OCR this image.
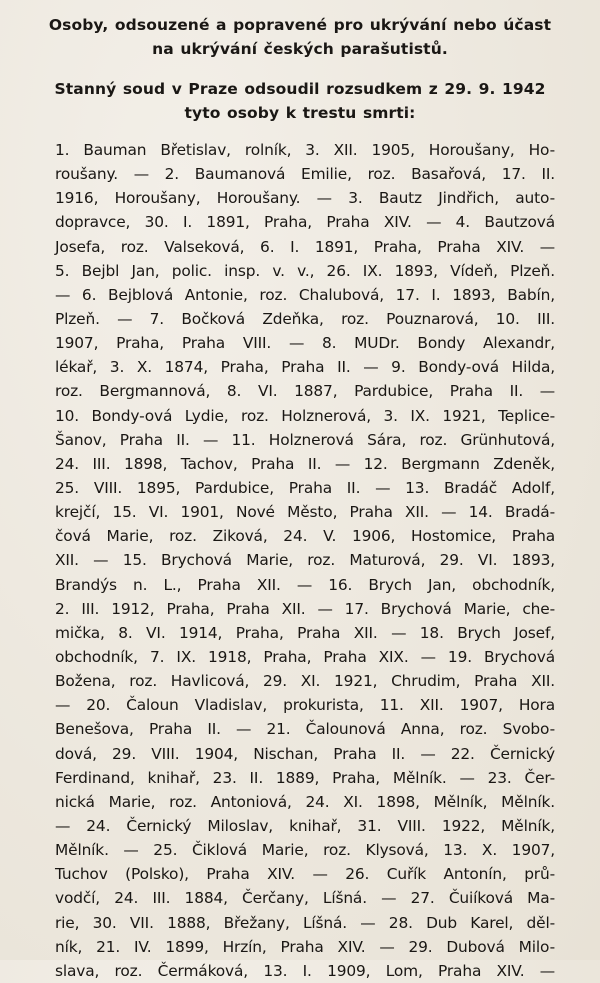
Osoby, odsouzené a popravené pro ukrývání nebo účast
na ukrývání českých parašutistů.
Stanný soud v Praze odsoudil rozsudkem z 29. 9. 1942
tyto osoby k trestu smrti:
1. Bauman Břetislav, rolník, 3. XII. 1905, Horoušany, Ho-
roušany. — 2. Baumanová Emilie, roz. Basařová, 17. II.
1916, Horoušany, Horoušany. — 3. Bautz Jindřich, auto-
dopravce, 30. I. 1891, Praha, Praha XIV. — 4. Bautzová
Josefa, roz. Valseková, 6. I. 1891, Praha, Praha XIV. —
5. Bejbl Jan, polic. insp. v. v., 26. IX. 1893, Vídeň, Plzeň.
— 6. Bejblová Antonie, roz. Chalubová, 17. I. 1893, Babín,
Plzeň. — 7. Bočková Zdeňka, roz. Pouznarová, 10. III.
1907, Praha, Praha VIII. — 8. MUDr. Bondy Alexandr,
lékař, 3. X. 1874, Praha, Praha II. — 9. Bondy-ová Hilda,
roz. Bergmannová, 8. VI. 1887, Pardubice, Praha II. —
10. Bondy-ová Lydie, roz. Holznerová, 3. IX. 1921, Teplice-
Šanov, Praha II. — 11. Holznerová Sára, roz. Grünhutová,
24. III. 1898, Tachov, Praha II. — 12. Bergmann Zdeněk,
25. VIII. 1895, Pardubice, Praha II. — 13. Bradáč Adolf,
krejčí, 15. VI. 1901, Nové Město, Praha XII. — 14. Bradá-
čová Marie, roz. Ziková, 24. V. 1906, Hostomice, Praha
XII. — 15. Brychová Marie, roz. Maturová, 29. VI. 1893,
Brandýs n. L., Praha XII. — 16. Brych Jan, obchodník,
2. III. 1912, Praha, Praha XII. — 17. Brychová Marie, che-
mička, 8. VI. 1914, Praha, Praha XII. — 18. Brych Josef,
obchodník, 7. IX. 1918, Praha, Praha XIX. — 19. Brychová
Božena, roz. Havlicová, 29. XI. 1921, Chrudim, Praha XII.
— 20. Čaloun Vladislav, prokurista, 11. XII. 1907, Hora
Benešova, Praha II. — 21. Čalounová Anna, roz. Svobo-
dová, 29. VIII. 1904, Nischan, Praha II. — 22. Černický
Ferdinand, knihař, 23. II. 1889, Praha, Mělník. — 23. Čer-
nická Marie, roz. Antoniová, 24. XI. 1898, Mělník, Mělník.
— 24. Černický Miloslav, knihař, 31. VIII. 1922, Mělník,
Mělník. — 25. Čiklová Marie, roz. Klysová, 13. X. 1907,
Tuchov (Polsko), Praha XIV. — 26. Cuřík Antonín, prů-
vodčí, 24. III. 1884, Čerčany, Líšná. — 27. Čuiíková Ma-
rie, 30. VII. 1888, Břežany, Líšná. — 28. Dub Karel, děl-
ník, 21. IV. 1899, Hrzín, Praha XIV. — 29. Dubová Milo-
slava, roz. Čermáková, 13. I. 1909, Lom, Praha XIV. —
